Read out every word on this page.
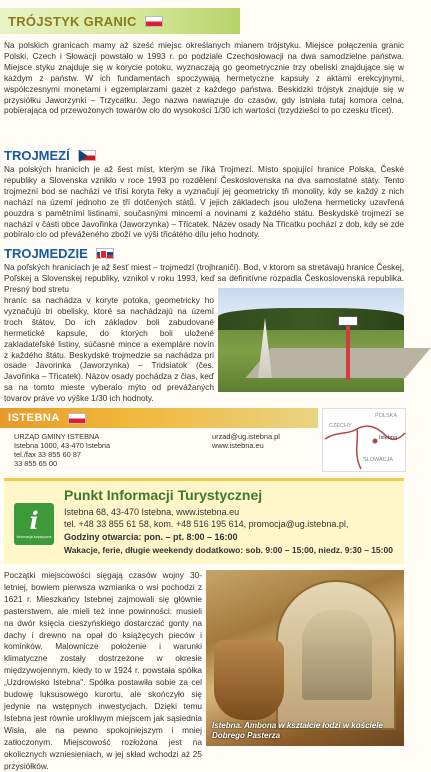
TRÓJSTYK GRANIC

Na polskich granicach mamy aż sześć miejsc określanych mianem trójstyku. Miejsce połączenia granic Polski, Czech i Słowacji powstało w 1993 r. po podziale Czechosłowacji na dwa samodzielne państwa. Miejsce styku znajduje się w korycie potoku, wyznaczają go geometrycznie trzy obeliski znajdujące się w każdym z państw. W ich fundamentach spoczywają hermetyczne kapsuły z aktami erekcyjnymi, współczesnymi monetami i egzemplarzami gazet z każdego państwa. Beskidzki trójstyk znajduje się w przysiółku Jaworzynki – Trzycatku. Jego nazwa nawiązuje do czasów, gdy istniała tutaj komora celna, pobierająca od przewożonych towarów cło do wysokości 1/30 ich wartości (trzydzieści to po czesku třicet).

TROJMEZÍ

Na polských hranicích je až šest míst, kterým se říká Trojmezí. Místo spojující hranice Polska, České republiky a Slovenska vzniklo v roce 1993 po rozdělení Československa na dva samostatné státy. Tento trojmezní bod se nachází ve třísi koryta řeky a vyznačují jej geometricky tři monolity, kdy se každý z nich nachází na území jednoho ze tří dotčených států. V jejich základech jsou uložena hermeticky uzavřená pouzdra s pamětními listinami, současnými mincemi a novinami z každého státu. Beskydské trojmezí se nachází v části obce Javořinka (Jaworzynka) – Třicatek. Název osady Na Třicatku pochází z dob, kdy se zde pobíralo clo od převáženého zboží ve výši třicátého dílu jeho hodnoty.

TROJMEDZIE

Na poľských hraniciach je až šesť miest – trojmedzí (trojhraničí). Bod, v ktorom sa stretávajú hranice Českej, Poľskej a Slovenskej republiky, vznikol v roku 1993, keď sa definitívne rozpadla Československá republika. Presný bod stretu

hraníc sa nachádza v koryte potoka, geometricky ho vyznačujú tri obelisky, ktoré sa nachádzajú na území troch štátov. Do ich základov boli zabudované hermetické kapsule, do ktorých boli uložené zakladateľské listiny, súčasné mince a exempláre novín z každého štátu. Beskydské trojmedzie sa nachádza pri osade Javorinka (Jaworzynka) – Tridsiatok (čes. Javořinka – Třicatek). Názov osady pochádza z čias, keď sa na tomto mieste vyberalo mýto od prevážaných tovarov práve vo výške 1/30 ich hodnoty.

ISTEBNA
URZĄD GMINY ISTEBNA
Istebna 1000, 43-470 Istebna
tel./fax 33 855 60 87
33 855 65 00
urzad@ug.istebna.pl
www.istebna.eu
POLSKA
CZECHY
SŁOWACJA
Istebna
i
informacja turystyczna
Punkt Informacji Turystycznej
Istebna 68, 43-470 Istebna, www.istebna.eu
tel. +48 33 855 61 58, kom. +48 516 195 614, promocja@ug.istebna.pl,
Godziny otwarcia: pon. – pt. 8:00 – 16:00
Wakacje, ferie, długie weekendy dodatkowo: sob. 9:00 – 15:00, niedz. 9:30 – 15:00

Początki miejscowości sięgają czasów wojny 30-letniej, bowiem pierwsza wzmianka o wsi pochodzi z 1621 r. Mieszkańcy Istebnej zajmowali się głównie pasterstwem, ale mieli też inne powinności: musieli na dwór księcia cieszyńskiego dostarczać gonty na dachy i drewno na opał do książęcych pieców i kominków. Malownicze położenie i warunki klimatyczne zostały dostrzeżone w okresie międzywojennym, kiedy to w 1924 r. powstała spółka „Uzdrowisko Istebna". Spółka postawiła sobie za cel budowę luksusowego kurortu, ale skończyło się jedynie na wstępnych inwestycjach. Dzięki temu Istebna jest równie urokliwym miejscem jak sąsiednia Wisła, ale na pewno spokojniejszym i mniej zatłoczonym. Miejscowość rozłożona jest na okolicznych wzniesieniach, w jej skład wchodzi aż 25 przysiółków.

Istebna. Ambona w kształcie łodzi w kościele Dobrego Pasterza
